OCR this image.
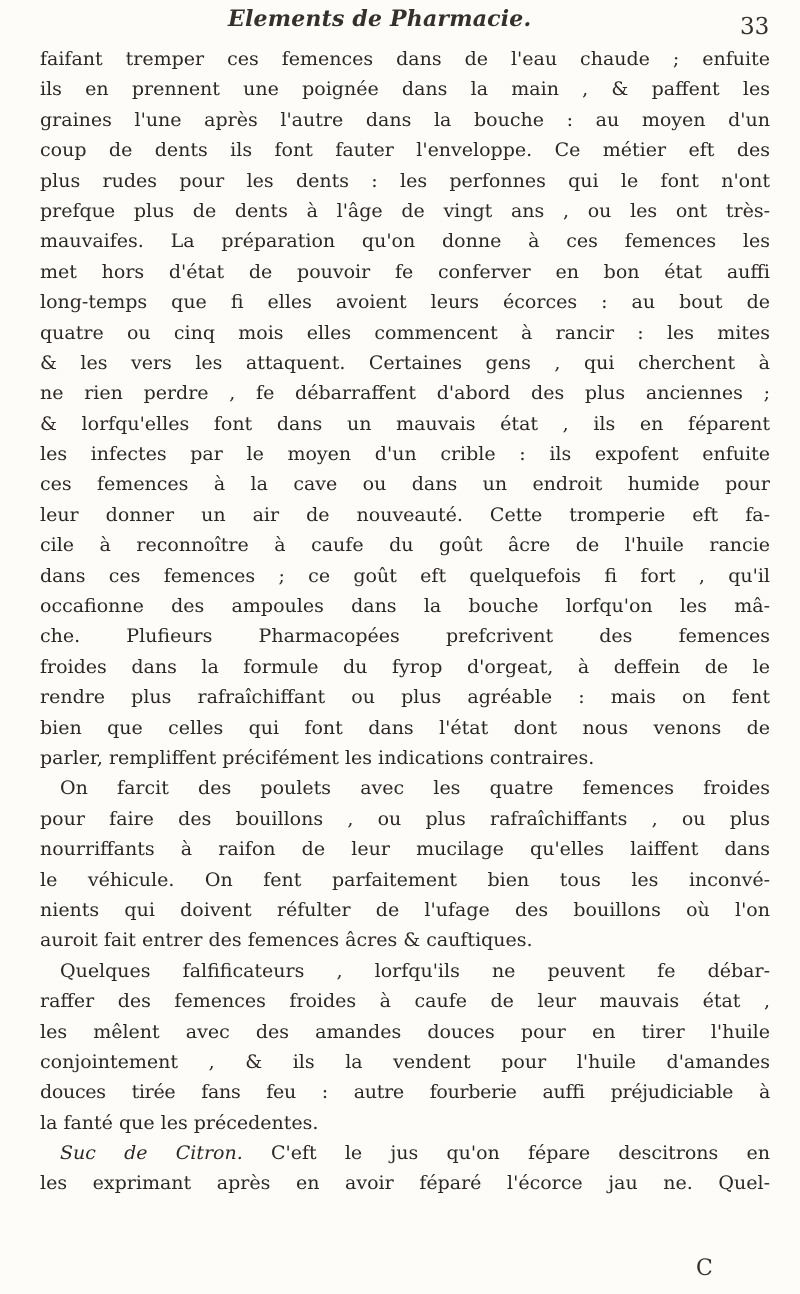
Elements de Pharmacie.	33
faifant tremper ces femences dans de l'eau chaude ; enfuite
ils en prennent une poignée dans la main , & paffent les
graines l'une après l'autre dans la bouche : au moyen d'un
coup de dents ils font fauter l'enveloppe. Ce métier eft des
plus rudes pour les dents : les perfonnes qui le font n'ont
prefque plus de dents à l'âge de vingt ans , ou les ont très-
mauvaifes. La préparation qu'on donne à ces femences les
met hors d'état de pouvoir fe conferver en bon état auffi
long-temps que fi elles avoient leurs écorces : au bout de
quatre ou cinq mois elles commencent à rancir : les mites
& les vers les attaquent. Certaines gens , qui cherchent à
ne rien perdre , fe débarraffent d'abord des plus anciennes ;
& lorfqu'elles font dans un mauvais état , ils en féparent
les infectes par le moyen d'un crible : ils expofent enfuite
ces femences à la cave ou dans un endroit humide pour
leur donner un air de nouveauté. Cette tromperie eft fa-
cile à reconnoître à caufe du goût âcre de l'huile rancie
dans ces femences ; ce goût eft quelquefois fi fort , qu'il
occafionne des ampoules dans la bouche lorfqu'on les mâ-
che. Plufieurs Pharmacopées prefcrivent des femences
froides dans la formule du fyrop d'orgeat, à deffein de le
rendre plus rafraîchiffant ou plus agréable : mais on fent
bien que celles qui font dans l'état dont nous venons de
parler, rempliffent précifément les indications contraires.
On farcit des poulets avec les quatre femences froides
pour faire des bouillons , ou plus rafraîchiffants , ou plus
nourriffants à raifon de leur mucilage qu'elles laiffent dans
le véhicule. On fent parfaitement bien tous les inconvé-
nients qui doivent réfulter de l'ufage des bouillons où l'on
auroit fait entrer des femences âcres & cauftiques.
Quelques falfificateurs , lorfqu'ils ne peuvent fe débar-
raffer des femences froides à caufe de leur mauvais état ,
les mêlent avec des amandes douces pour en tirer l'huile
conjointement , & ils la vendent pour l'huile d'amandes
douces tirée fans feu : autre fourberie auffi préjudiciable à
la fanté que les précedentes.
Suc de Citron. C'eft le jus qu'on fépare descitrons en
les exprimant après en avoir féparé l'écorce jau ne. Quel-
C
